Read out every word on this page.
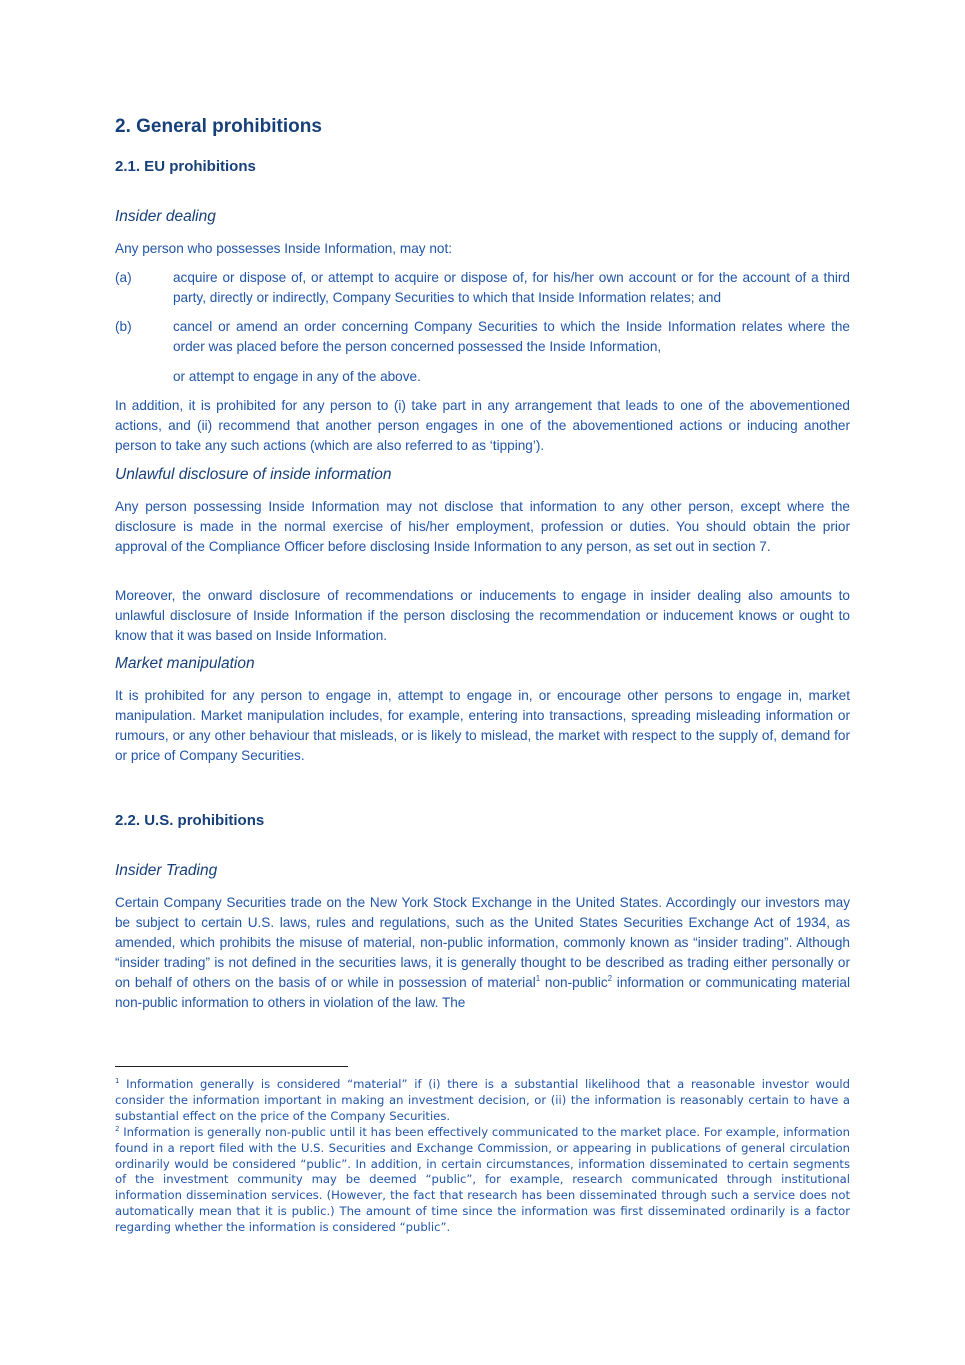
2. General prohibitions
2.1. EU prohibitions

Insider dealing

Any person who possesses Inside Information, may not:

(a)	acquire or dispose of, or attempt to acquire or dispose of, for his/her own account or for the account of a third party, directly or indirectly, Company Securities to which that Inside Information relates; and
(b)	cancel or amend an order concerning Company Securities to which the Inside Information relates where the order was placed before the person concerned possessed the Inside Information,

or attempt to engage in any of the above.

In addition, it is prohibited for any person to (i) take part in any arrangement that leads to one of the abovementioned actions, and (ii) recommend that another person engages in one of the abovementioned actions or inducing another person to take any such actions (which are also referred to as ‘tipping’).

Unlawful disclosure of inside information

Any person possessing Inside Information may not disclose that information to any other person, except where the disclosure is made in the normal exercise of his/her employment, profession or duties. You should obtain the prior approval of the Compliance Officer before disclosing Inside Information to any person, as set out in section 7.

Moreover, the onward disclosure of recommendations or inducements to engage in insider dealing also amounts to unlawful disclosure of Inside Information if the person disclosing the recommendation or inducement knows or ought to know that it was based on Inside Information.

Market manipulation

It is prohibited for any person to engage in, attempt to engage in, or encourage other persons to engage in, market manipulation. Market manipulation includes, for example, entering into transactions, spreading misleading information or rumours, or any other behaviour that misleads, or is likely to mislead, the market with respect to the supply of, demand for or price of Company Securities.

2.2. U.S. prohibitions

Insider Trading

Certain Company Securities trade on the New York Stock Exchange in the United States. Accordingly our investors may be subject to certain U.S. laws, rules and regulations, such as the United States Securities Exchange Act of 1934, as amended, which prohibits the misuse of material, non-public information, commonly known as “insider trading”. Although “insider trading” is not defined in the securities laws, it is generally thought to be described as trading either personally or on behalf of others on the basis of or while in possession of material$^1$ non-public$^2$ information or communicating material non-public information to others in violation of the law. The

$^1$ Information generally is considered “material” if (i) there is a substantial likelihood that a reasonable investor would consider the information important in making an investment decision, or (ii) the information is reasonably certain to have a substantial effect on the price of the Company Securities.

$^2$ Information is generally non-public until it has been effectively communicated to the market place. For example, information found in a report filed with the U.S. Securities and Exchange Commission, or appearing in publications of general circulation ordinarily would be considered “public”. In addition, in certain circumstances, information disseminated to certain segments of the investment community may be deemed “public”, for example, research communicated through institutional information dissemination services. (However, the fact that research has been disseminated through such a service does not automatically mean that it is public.) The amount of time since the information was first disseminated ordinarily is a factor regarding whether the information is considered “public”.
